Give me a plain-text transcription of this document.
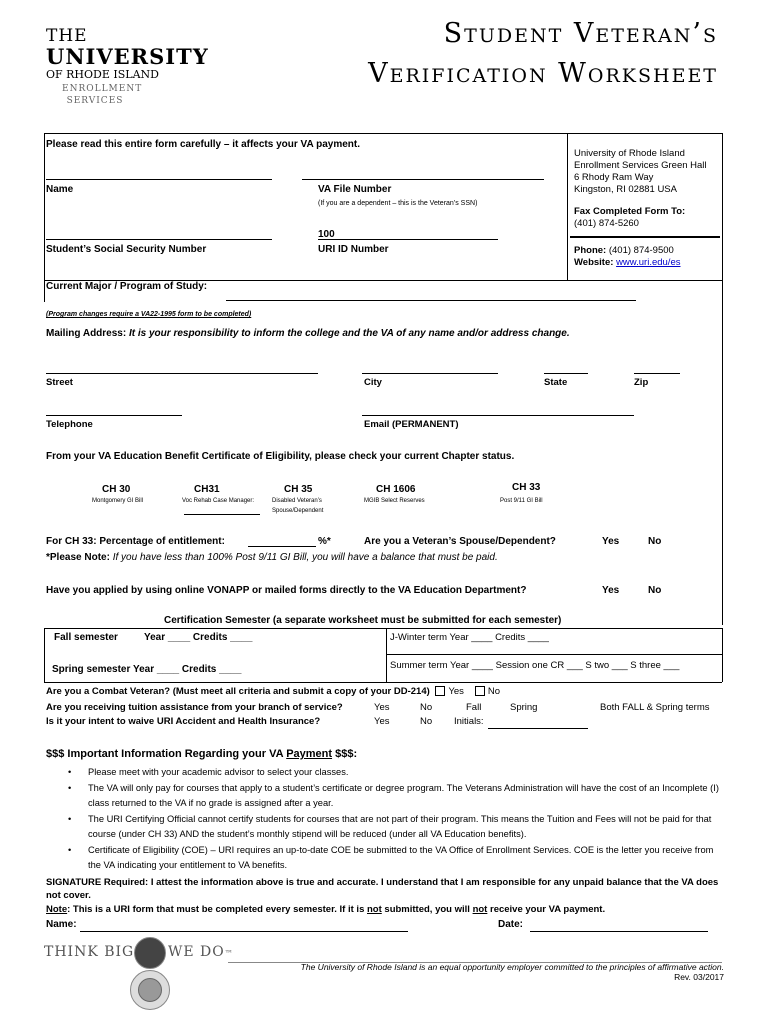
THE
UNIVERSITY
OF RHODE ISLAND
ENROLLMENT
SERVICES
Student Veteran’s
Verification Worksheet
Please read this entire form carefully – it affects your VA payment.
University of Rhode Island
Enrollment Services Green Hall
6 Rhody Ram Way
Kingston, RI 02881 USA
Fax Completed Form To:
(401) 874-5260
Phone: (401) 874-9500
Website: www.uri.edu/es
Name	VA File Number
(If you are a dependent – this is the Veteran’s SSN)
100
Student’s Social Security Number	URI ID Number
Current Major / Program of Study:
(Program changes require a VA22-1995 form to be completed)
Mailing Address: It is your responsibility to inform the college and the VA of any name and/or address change.
Street	City	State	Zip
Telephone	Email (PERMANENT)
From your VA Education Benefit Certificate of Eligibility, please check your current Chapter status.
CH 30
Montgomery GI Bill
CH31
Voc Rehab Case Manager:
CH 35
Disabled Veteran’s
Spouse/Dependent
CH 1606
MGIB Select Reserves
CH 33
Post 9/11 GI Bill
For CH 33: Percentage of entitlement:	%*	Are you a Veteran’s Spouse/Dependent?	Yes	No
*Please Note: If you have less than 100% Post 9/11 GI Bill, you will have a balance that must be paid.
Have you applied by using online VONAPP or mailed forms directly to the VA Education Department?	Yes	No
Certification Semester (a separate worksheet must be submitted for each semester)
Fall semester	Year ____ Credits ____	J-Winter term Year ____ Credits ____
Spring semester Year ____ Credits ____	Summer term Year ____ Session one CR ___ S two ___ S three ___
Are you a Combat Veteran? (Must meet all criteria and submit a copy of your DD-214) Yes	No
Are you receiving tuition assistance from your branch of service?	Yes	No	Fall	Spring	Both FALL & Spring terms
Is it your intent to waive URI Accident and Health Insurance?	Yes	No Initials:
$$$ Important Information Regarding your VA Payment $$$:
• Please meet with your academic advisor to select your classes.
• The VA will only pay for courses that apply to a student’s certificate or degree program. The Veterans Administration will have the cost of an Incomplete (I) class returned to the VA if no grade is assigned after a year.
• The URI Certifying Official cannot certify students for courses that are not part of their program. This means the Tuition and Fees will not be paid for that course (under CH 33) AND the student’s monthly stipend will be reduced (under all VA Education benefits).
• Certificate of Eligibility (COE) – URI requires an up-to-date COE be submitted to the VA Office of Enrollment Services. COE is the letter you receive from the VA indicating your entitlement to VA benefits.
SIGNATURE Required: I attest the information above is true and accurate. I understand that I am responsible for any unpaid balance that the VA does not cover.
Note: This is a URI form that must be completed every semester. If it is not submitted, you will not receive your VA payment.
Name:	Date:
THINK BIG WE DO™
The University of Rhode Island is an equal opportunity employer committed to the principles of affirmative action.
Rev. 03/2017
